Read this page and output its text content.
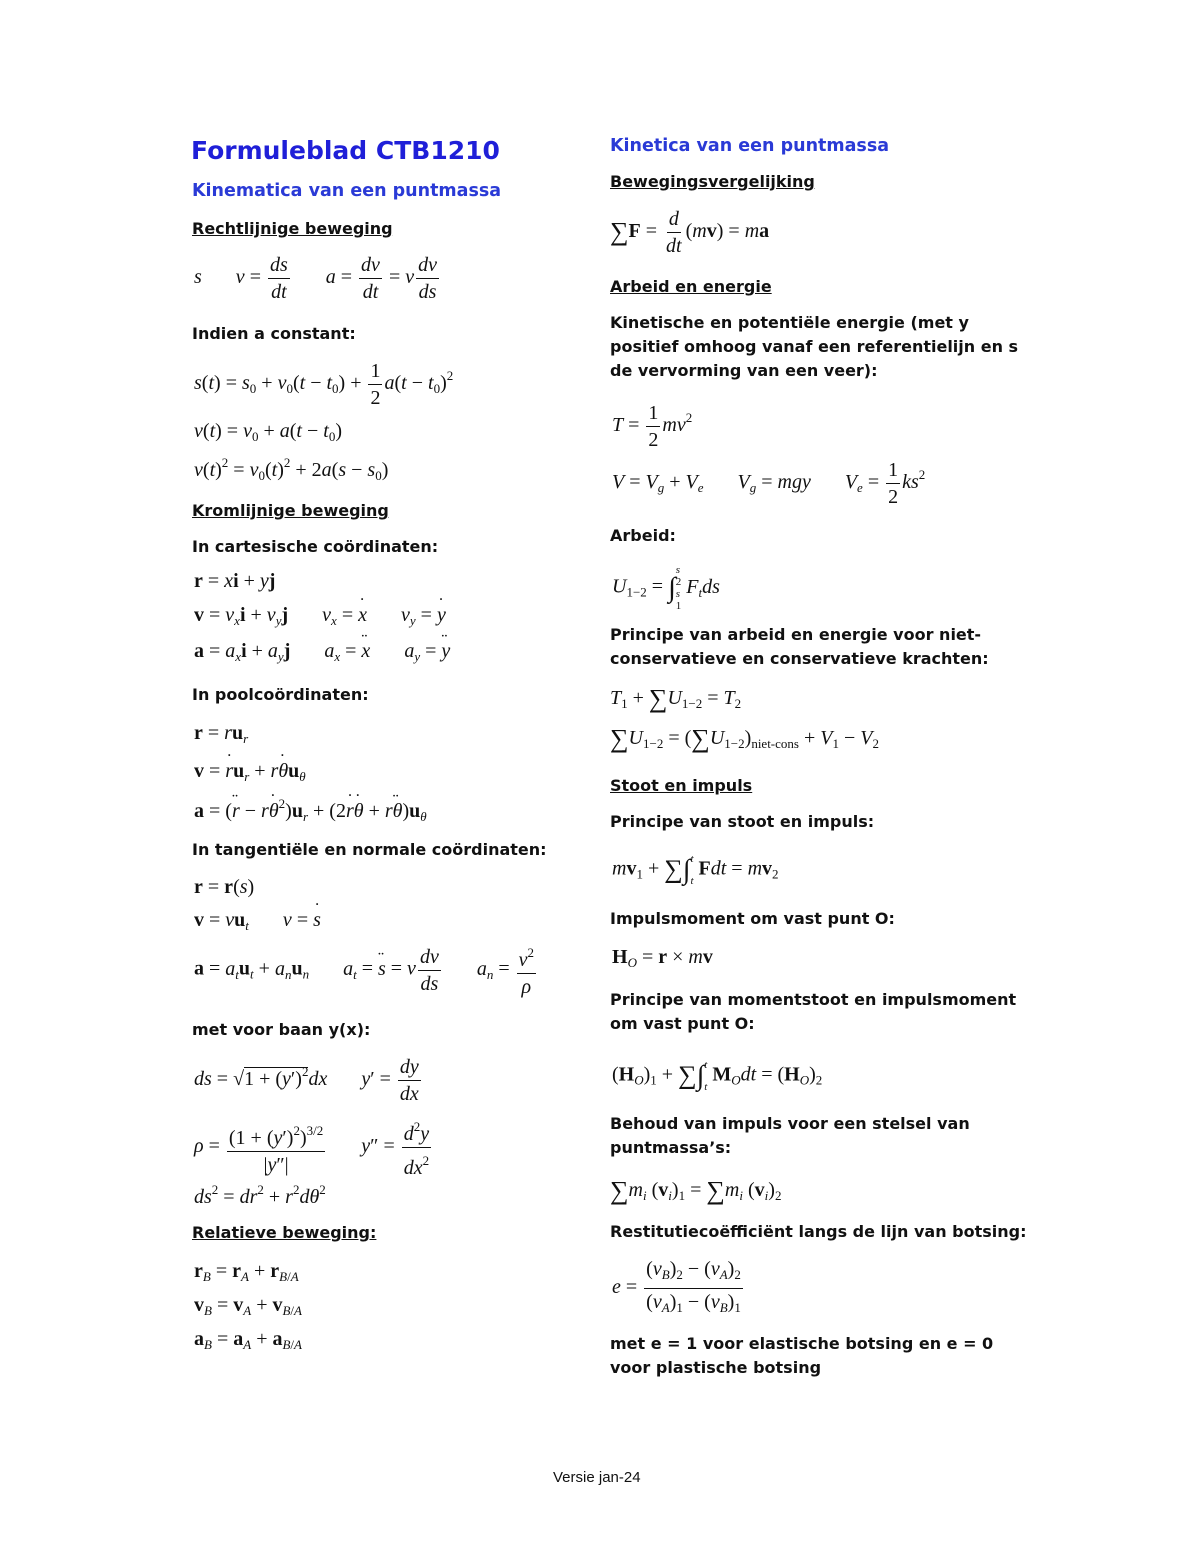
Formuleblad CTB1210
Kinematica van een puntmassa
Rechtlijnige beweging
s $v = \frac{ds}{dt}$ $a = \frac{dv}{dt} = v \frac{dv}{ds}$
Indien a constant:
$s(t) = s_0 + v_0(t - t_0) + \frac{1}{2} a(t - t_0)^2$
$v(t) = v_0 + a(t - t_0)$
$v(t)^2 = v_0(t)^2 + 2a(s - s_0)$
Kromlijnige beweging
In cartesische coördinaten:
r = xi + yj
$v = v_xi + v_yj$ $v_x = x$ ˙ $v_y = y$ ˙
$a = a_xi + a_yj$ $a_x = x$ ¨ $a_y = y$ ¨
In poolcoördinaten:
$r = ru_r$
v = r $˙u_r + r\theta$ $˙u_\theta$
a = (r ¨ − rθ $˙^2)u_r + (2r$ ˙θ ˙ + rθ $¨)u_\theta$
In tangentiële en normale coördinaten:
r = r(s)
$v = vu_t$ v = s ˙
$a = a_tu_t + a_nu_n$ $a_t = s$ ¨ = v $\frac{dv}{ds} a_n = \frac{v^2}{\rho}$
met voor baan y(x):
ds = $√1 + (y')^2dx$ $y' = \frac{dy}{dx}$
$\rho = \frac{(1 + (y')^2)^{3/2}}{|y''|} y'' = \frac{d^2y}{dx^2}$
$ds^2 = dr^2 + r^2d\theta^2$
Relatieve beweging:
$r_B = r_A + r_{B/A}$
$v_B = v_A + v_{B/A}$
$a_B = a_A + a_{B/A}$
Kinetica van een puntmassa
Bewegingsvergelijking
$\sum F = \frac{d}{dt} (mv)$ = ma
Arbeid en energie
Kinetische en potentiële energie (met y positief omhoog vanaf een referentielijn en s de vervorming van een veer):
$T = \frac{1}{2} mv^2$
$V = V_g + V_e$ $V_g$ = mgy $V_e = \frac{1}{2} ks^2$
Arbeid:
$U_{1-2}$ = ∫
s
2
s
1
$F_tds$
Principe van arbeid en energie voor niet-conservatieve en conservatieve krachten:
$T_1 + \sum U_{1-2} = T_2$
$\sum U_{1-2} = (\sum U_{1-2})_{niet-cons} + V_1 - V_2$
Stoot en impuls
Principe van stoot en impuls:
$mv_1$ + ∑∫ t
t
Fdt = $mv_2$
Impulsmoment om vast punt O:
$H_O = r$ × mv
Principe van momentstoot en impulsmoment om vast punt O:
$(H_O)_1$ + ∑∫ t
t
$M_Odt = (H_O)_2$
Behoud van impuls voor een stelsel van puntmassa’s:
$\sum m_i$ $(v_i)_1 = \sum m_i$ $(v_i)_2$
Restitutiecoëfficiënt langs de lijn van botsing:
$e = \frac{(v_B)_2 - (v_A)_2}{(v_A)_1 - (v_B)_1}$
met e = 1 voor elastische botsing en e = 0 voor plastische botsing
Versie jan-24
